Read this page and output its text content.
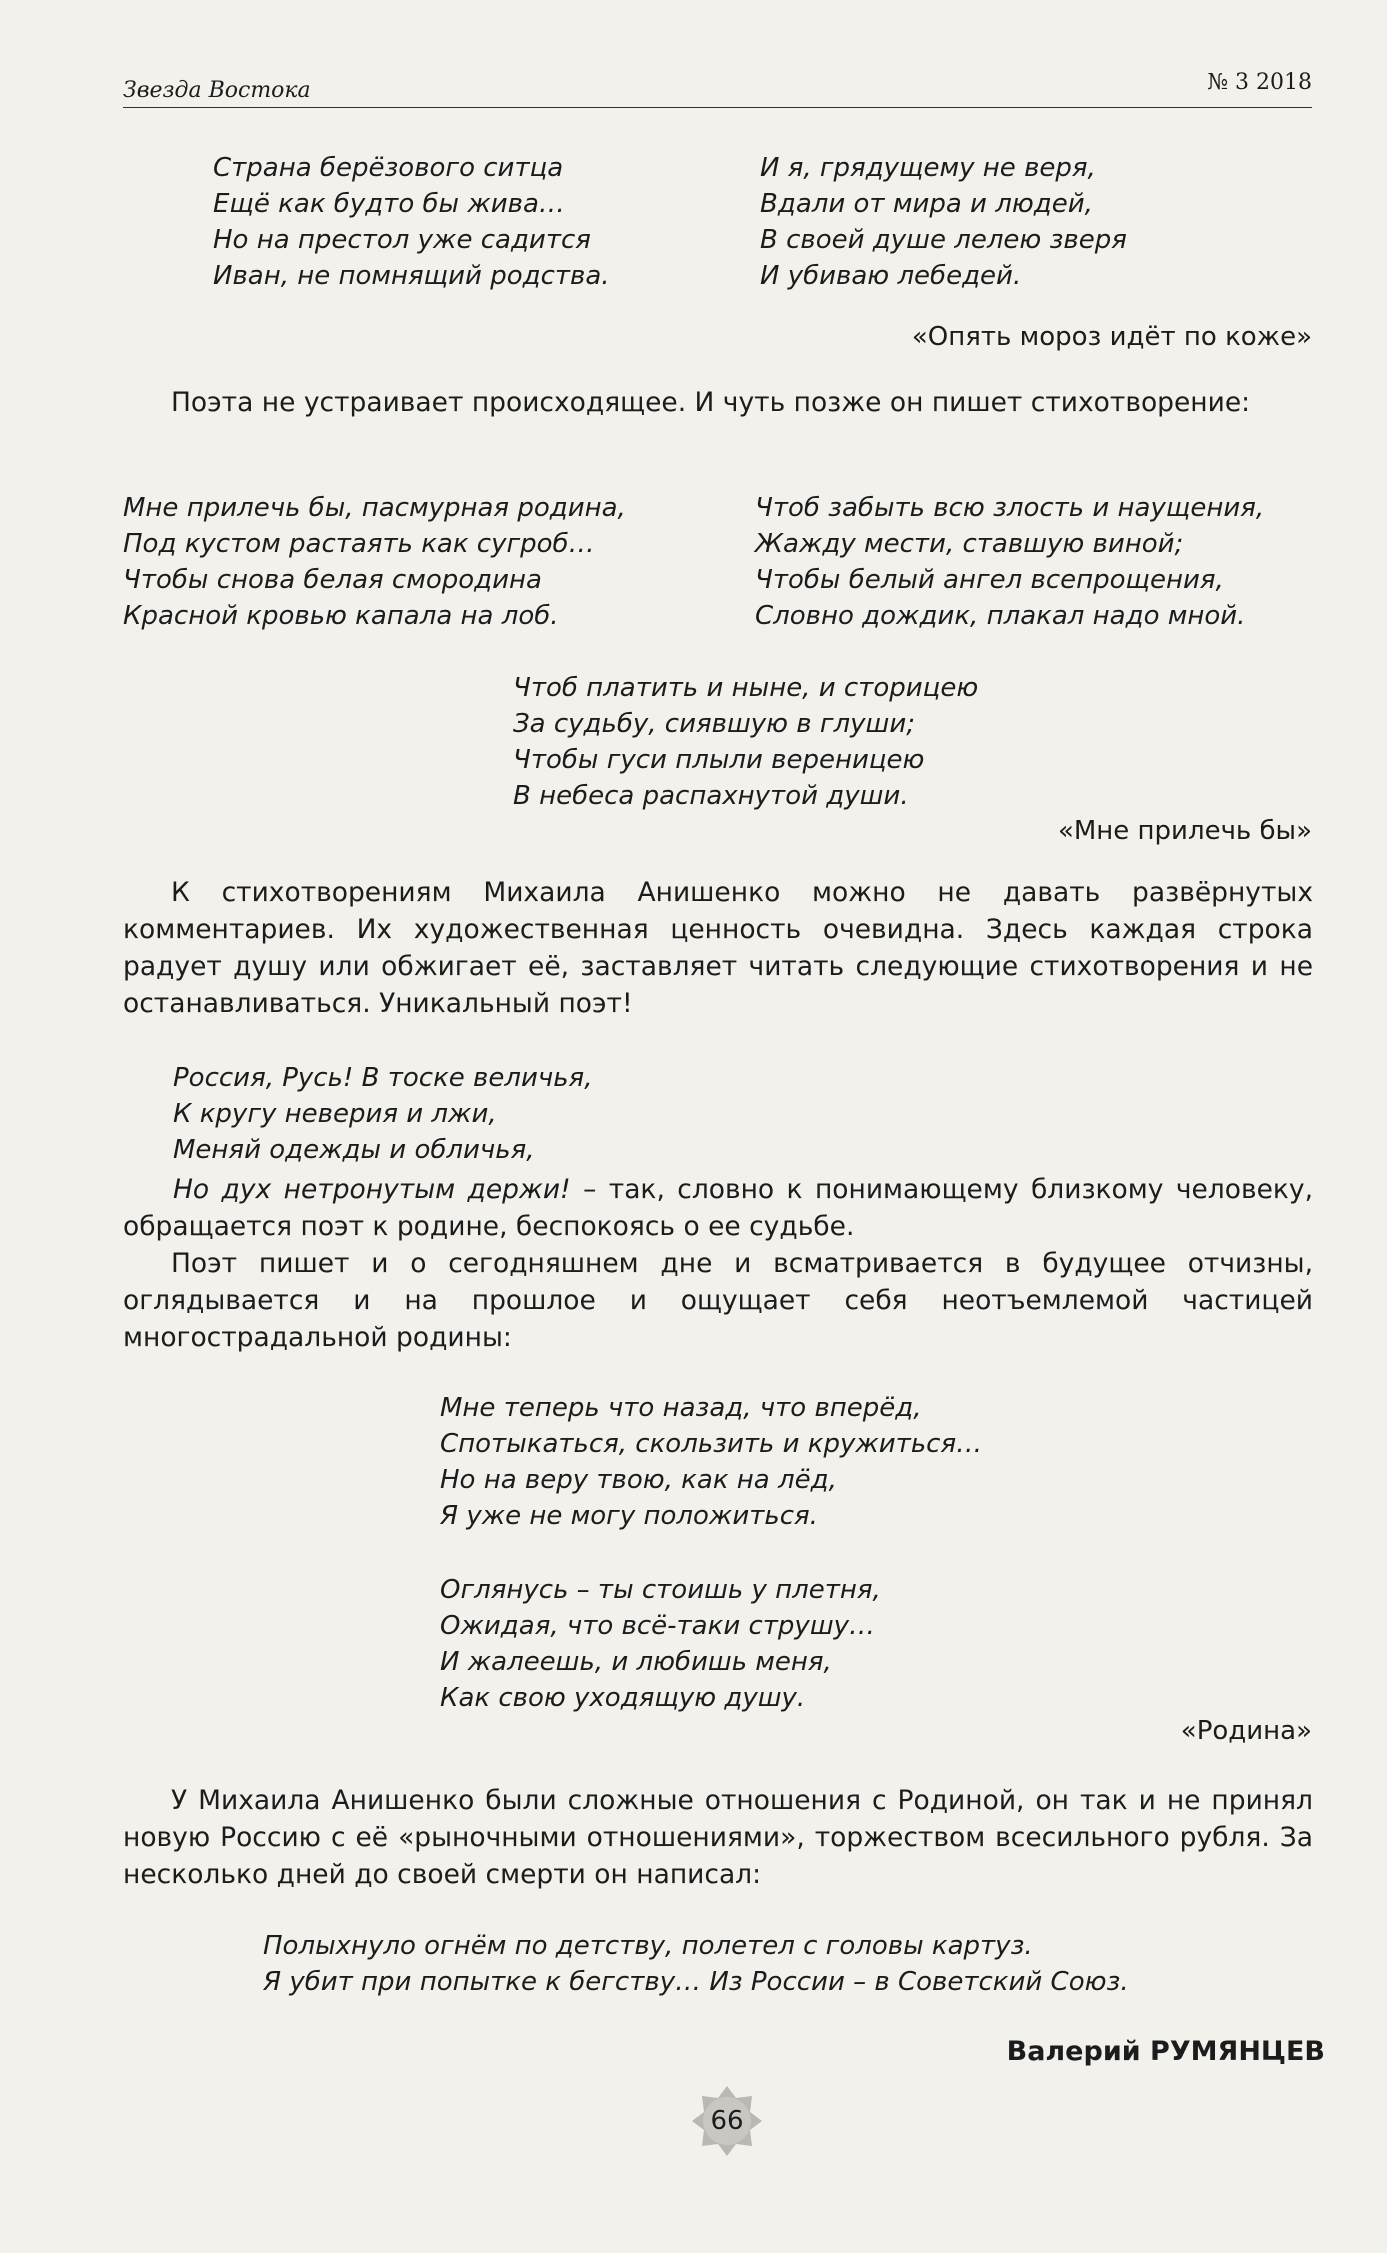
Звезда Востока	№ 3 2018
Страна берёзового ситца
Ещё как будто бы жива…
Но на престол уже садится
Иван, не помнящий родства.
И я, грядущему не веря,
Вдали от мира и людей,
В своей душе лелею зверя
И убиваю лебедей.
«Опять мороз идёт по коже»
Поэта не устраивает происходящее. И чуть позже он пишет стихотворение:
Мне прилечь бы, пасмурная родина,
Под кустом растаять как сугроб…
Чтобы снова белая смородина
Красной кровью капала на лоб.
Чтоб забыть всю злость и наущения,
Жажду мести, ставшую виной;
Чтобы белый ангел всепрощения,
Словно дождик, плакал надо мной.
Чтоб платить и ныне, и сторицею
За судьбу, сиявшую в глуши;
Чтобы гуси плыли вереницею
В небеса распахнутой души.
«Мне прилечь бы»
К стихотворениям Михаила Анишенко можно не давать развёрнутых комментариев. Их художественная ценность очевидна. Здесь каждая строка радует душу или обжигает её, заставляет читать следующие стихотворения и не останавливаться. Уникальный поэт!
Россия, Русь! В тоске величья,
К кругу неверия и лжи,
Меняй одежды и обличья,
Но дух нетронутым держи! – так, словно к понимающему близкому человеку, обращается поэт к родине, беспокоясь о ее судьбе.
Поэт пишет и о сегодняшнем дне и всматривается в будущее отчизны, оглядывается и на прошлое и ощущает себя неотъемлемой частицей многострадальной родины:
Мне теперь что назад, что вперёд,
Спотыкаться, скользить и кружиться…
Но на веру твою, как на лёд,
Я уже не могу положиться.
Оглянусь – ты стоишь у плетня,
Ожидая, что всё-таки струшу…
И жалеешь, и любишь меня,
Как свою уходящую душу.
«Родина»
У Михаила Анишенко были сложные отношения с Родиной, он так и не принял новую Россию с её «рыночными отношениями», торжеством всесильного рубля. За несколько дней до своей смерти он написал:
Полыхнуло огнём по детству, полетел с головы картуз.
Я убит при попытке к бегству… Из России – в Советский Союз.
Валерий РУМЯНЦЕВ
66
